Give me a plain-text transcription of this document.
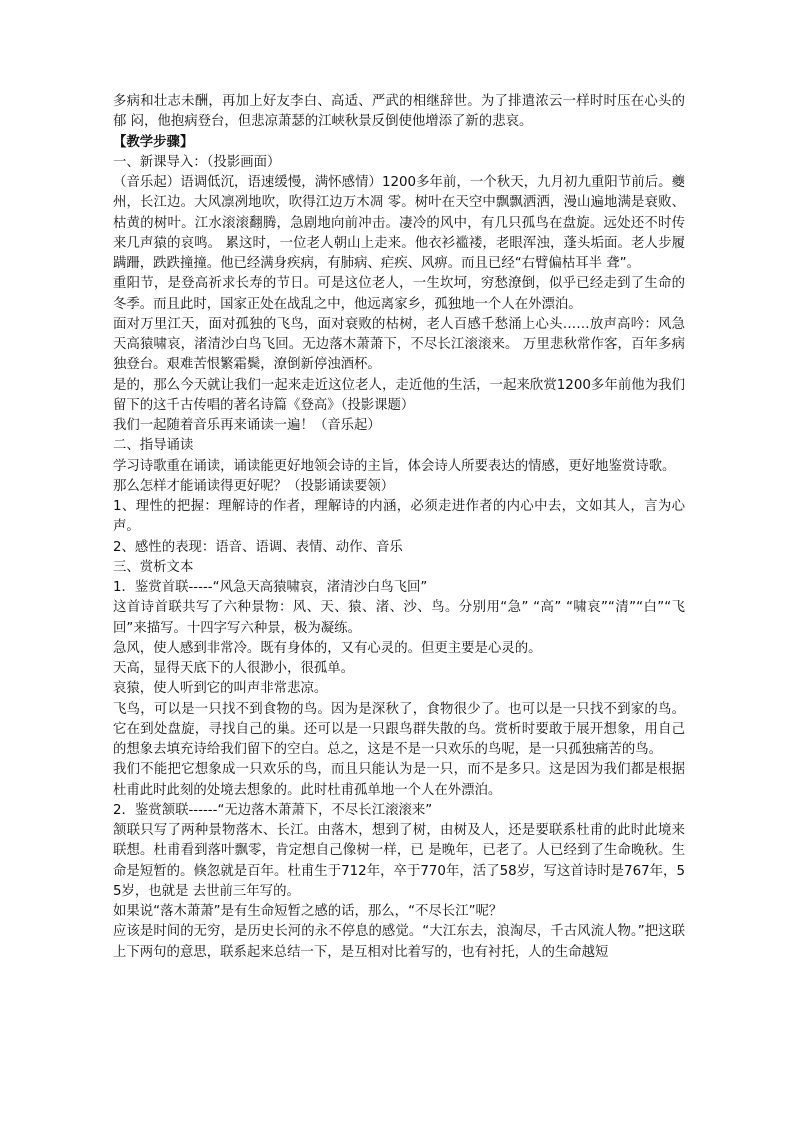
多病和壮志未酬，再加上好友李白、高适、严武的相继辞世。为了排遣浓云一样时时压在心头的郁 闷，他抱病登台，但悲凉萧瑟的江峡秋景反倒使他增添了新的悲哀。

【教学步骤】

一、新课导入：（投影画面）

（音乐起）语调低沉，语速缓慢，满怀感情）1200多年前，一个秋天，九月初九重阳节前后。夔州，长江边。大风凛冽地吹，吹得江边万木凋 零。树叶在天空中飘飘洒洒，漫山遍地满是衰败、枯黄的树叶。江水滚滚翻腾，急剧地向前冲击。凄冷的风中，有几只孤鸟在盘旋。远处还不时传来几声猿的哀鸣。 累这时，一位老人朝山上走来。他衣衫褴褛，老眼浑浊，蓬头垢面。老人步履蹒跚，跌跌撞撞。他已经满身疾病，有肺病、疟疾、风痹。而且已经“右臂偏枯耳半 聋”。

重阳节，是登高祈求长寿的节日。可是这位老人，一生坎坷，穷愁潦倒，似乎已经走到了生命的冬季。而且此时，国家正处在战乱之中，他远离家乡，孤独地一个人在外漂泊。

面对万里江天，面对孤独的飞鸟，面对衰败的枯树，老人百感千愁涌上心头……放声高吟：风急天高猿啸哀，渚清沙白鸟飞回。无边落木萧萧下，不尽长江滚滚来。 万里悲秋常作客，百年多病独登台。艰难苦恨繁霜鬓，潦倒新停浊酒杯。

是的，那么今天就让我们一起来走近这位老人，走近他的生活，一起来欣赏1200多年前他为我们留下的这千古传唱的著名诗篇《登高》（投影课题）

我们一起随着音乐再来诵读一遍！（音乐起）

二、指导诵读

学习诗歌重在诵读，诵读能更好地领会诗的主旨，体会诗人所要表达的情感，更好地鉴赏诗歌。

那么怎样才能诵读得更好呢？（投影诵读要领）

1、理性的把握：理解诗的作者，理解诗的内涵，必须走进作者的内心中去，文如其人，言为心声。

2、感性的表现：语音、语调、表情、动作、音乐

三、赏析文本

1．鉴赏首联-----“风急天高猿啸哀，渚清沙白鸟飞回”

这首诗首联共写了六种景物：风、天、猿、渚、沙、鸟。分别用“急” “高” “啸哀”“清”“白”“飞回”来描写。十四字写六种景，极为凝练。

急风，使人感到非常冷。既有身体的，又有心灵的。但更主要是心灵的。

天高，显得天底下的人很渺小，很孤单。

哀猿，使人听到它的叫声非常悲凉。

飞鸟，可以是一只找不到食物的鸟。因为是深秋了，食物很少了。也可以是一只找不到家的鸟。它在到处盘旋，寻找自己的巢。还可以是一只跟鸟群失散的鸟。赏析时要敢于展开想象，用自己的想象去填充诗给我们留下的空白。总之，这是不是一只欢乐的鸟呢，是一只孤独痛苦的鸟。

我们不能把它想象成一只欢乐的鸟，而且只能认为是一只，而不是多只。这是因为我们都是根据杜甫此时此刻的处境去想象的。此时杜甫孤单地一个人在外漂泊。

2．鉴赏颔联------“无边落木萧萧下，不尽长江滚滚来”

颔联只写了两种景物落木、长江。由落木，想到了树，由树及人，还是要联系杜甫的此时此境来联想。杜甫看到落叶飘零，肯定想自己像树一样，已 是晚年，已老了。人已经到了生命晚秋。生命是短暂的。倏忽就是百年。杜甫生于712年，卒于770年，活了58岁，写这首诗时是767年，55岁，也就是 去世前三年写的。

如果说“落木萧萧”是有生命短暂之感的话，那么，“不尽长江”呢？

应该是时间的无穷，是历史长河的永不停息的感觉。“大江东去，浪淘尽，千古风流人物。”把这联上下两句的意思，联系起来总结一下，是互相对比着写的，也有衬托，人的生命越短
